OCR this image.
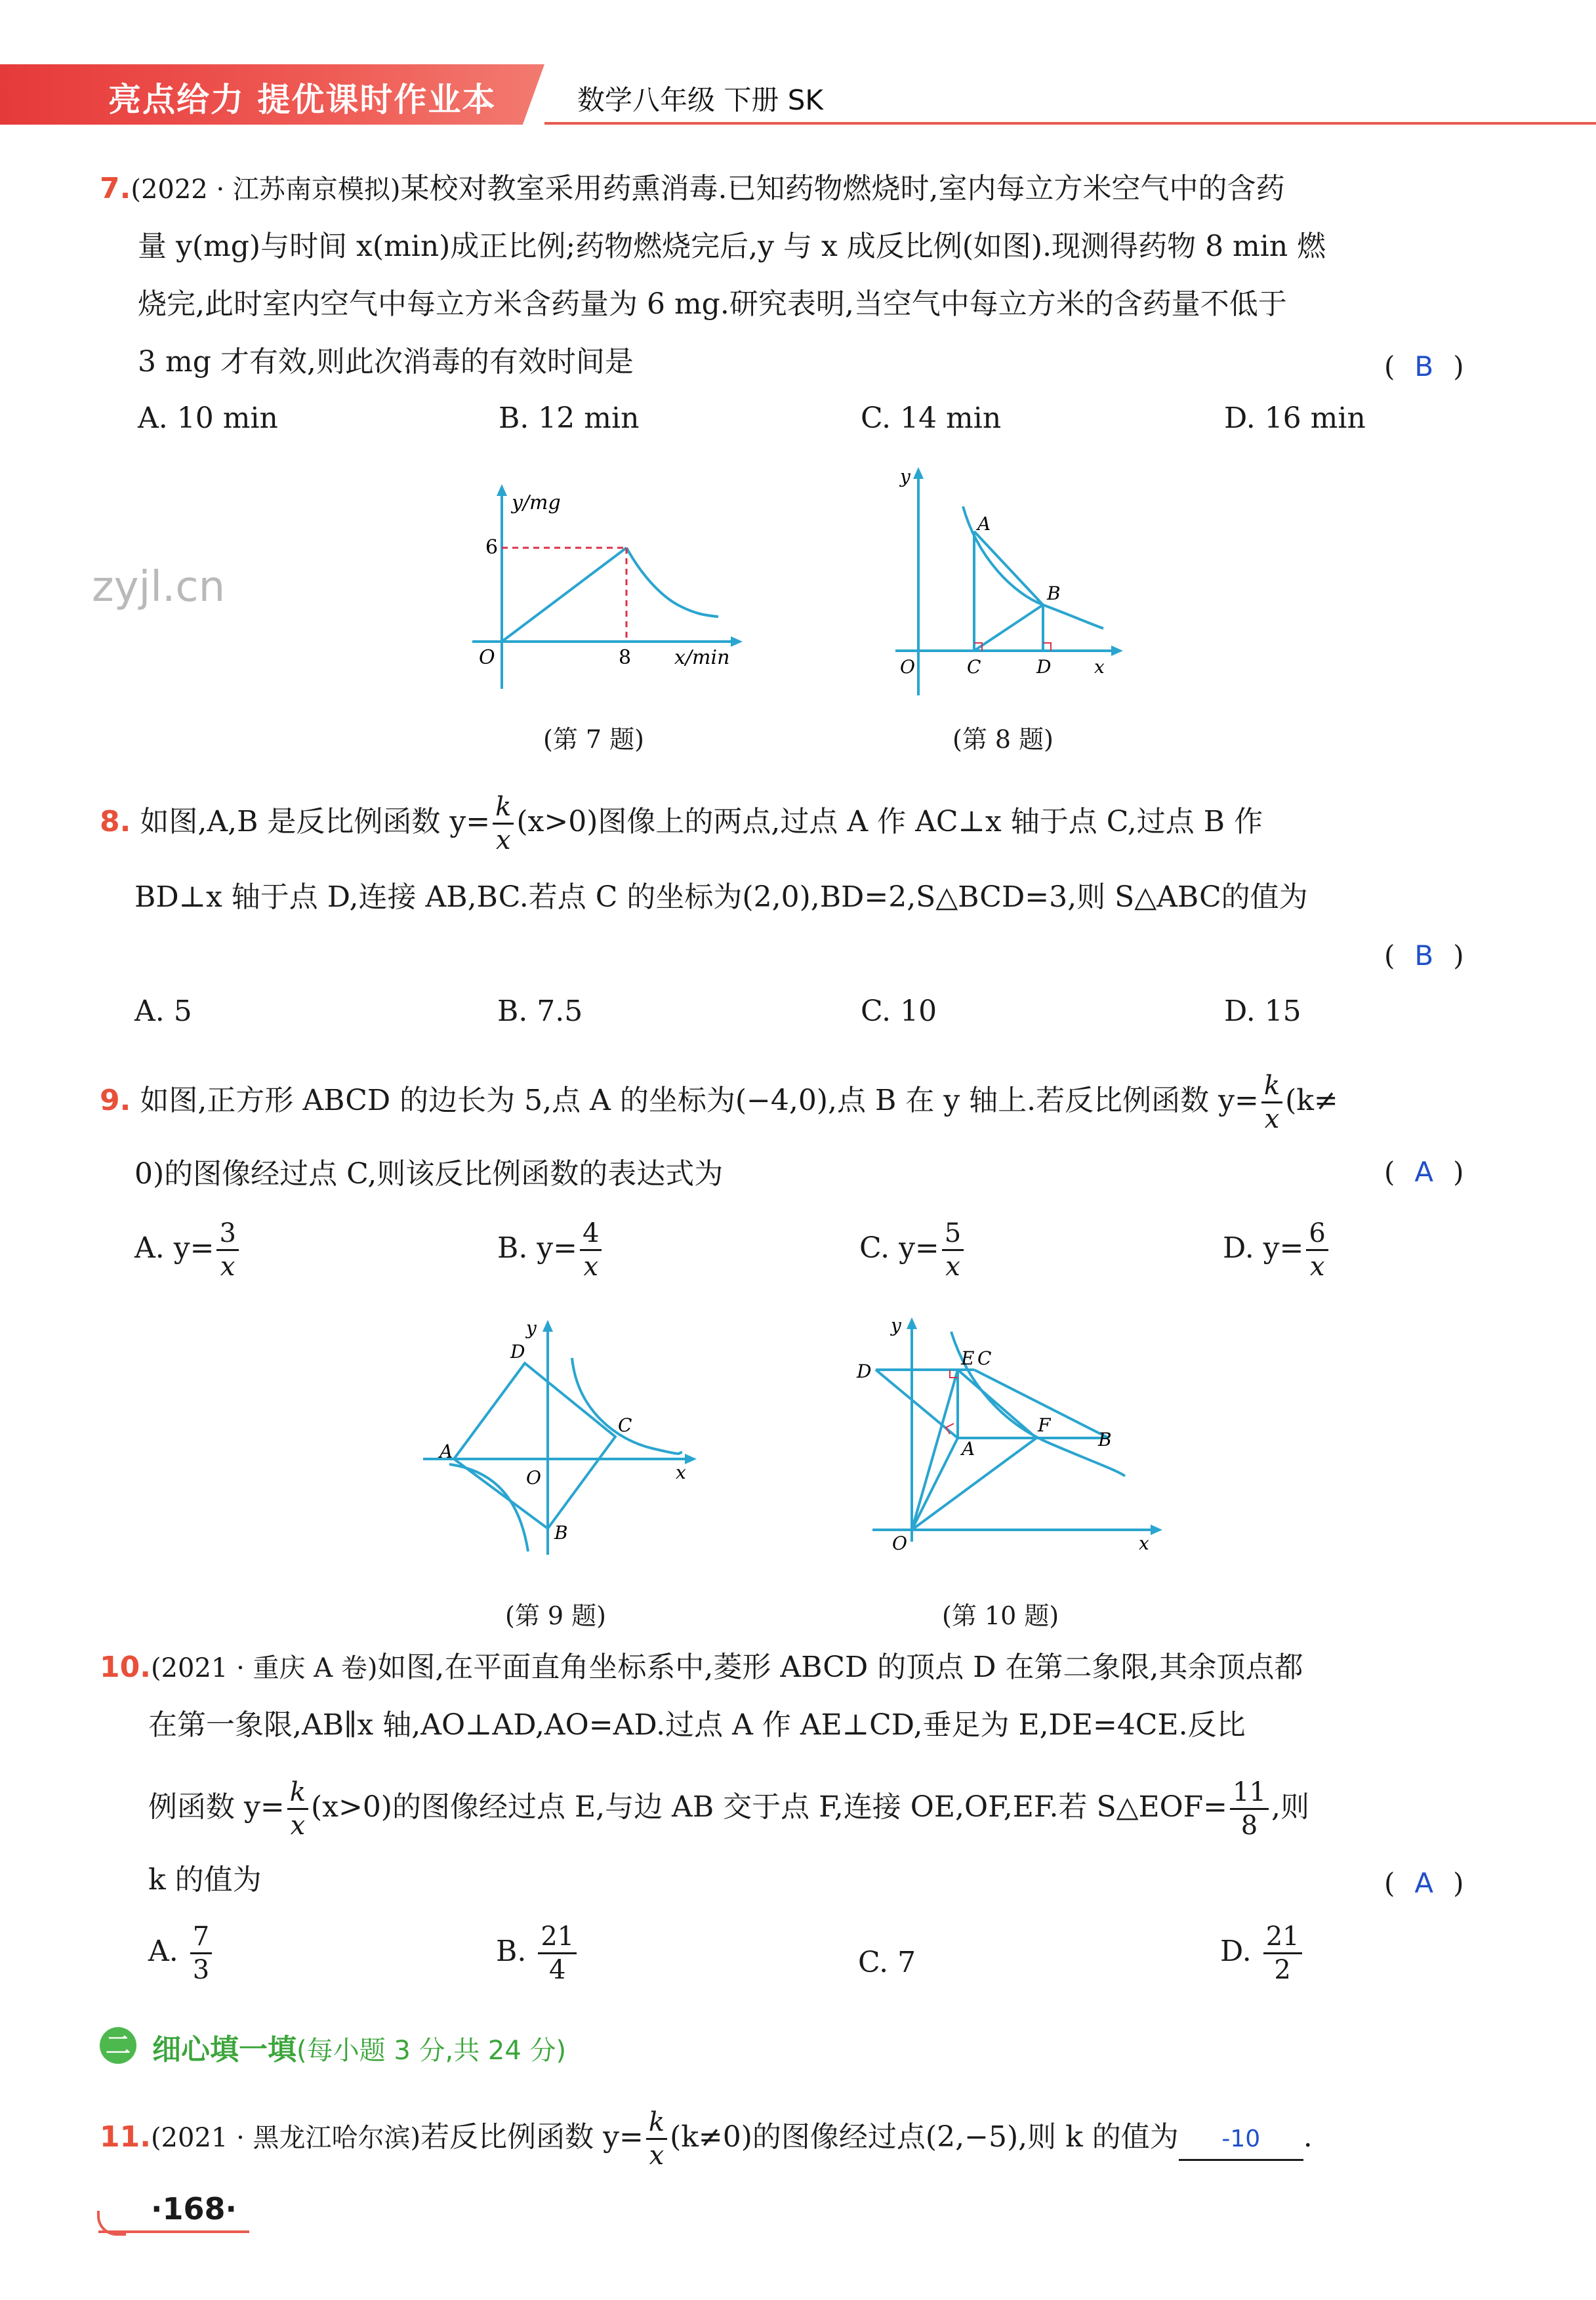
亮点给力 提优课时作业本	数学八年级 下册 SK
zyjl.cn
7.(2022 · 江苏南京模拟)某校对教室采用药熏消毒.已知药物燃烧时,室内每立方米空气中的含药
量 y(mg)与时间 x(min)成正比例;药物燃烧完后,y 与 x 成反比例(如图).现测得药物 8 min 燃
烧完,此时室内空气中每立方米含药量为 6 mg.研究表明,当空气中每立方米的含药量不低于
3 mg 才有效,则此次消毒的有效时间是	( B )
A. 10 min	B. 12 min	C. 14 min	D. 16 min
y/mg
6
O	8 x/min
(第 7 题)
y
A
B
O	C	D x
(第 8 题)
8. 如图,A,B 是反比例函数 $y= \frac{k}{x} (x>0)$图像上的两点,过点 A 作 AC⊥x 轴于点 C,过点 B 作
BD⊥x 轴于点 D,连接 AB,BC.若点 C 的坐标为(2,0),BD=2,S△BCD=3,则 S△ABC的值为
( B )
A. 5	B. 7.5	C. 10	D. 15
9. 如图,正方形 ABCD 的边长为 5,点 A 的坐标为(−4,0),点 B 在 y 轴上.若反比例函数 $y= \frac{k}{x} (k\ne$
0)的图像经过点 C,则该反比例函数的表达式为	( A )
A. $y= \frac{3}{x}$	B. $y= \frac{4}{x}$	C. $y= \frac{5}{x}$	D. $y= \frac{6}{x}$
y
D
C
A
O	x
B
(第 9 题)
y
D
E C
F
A	B
O	x
(第 10 题)
10.(2021 · 重庆 A 卷)如图,在平面直角坐标系中,菱形 ABCD 的顶点 D 在第二象限,其余顶点都
在第一象限,AB∥x 轴,AO⊥AD,AO=AD.过点 A 作 AE⊥CD,垂足为 E,DE=4CE.反比
例函数 $y= \frac{k}{x} (x>0)$的图像经过点 E,与边 AB 交于点 F,连接 OE,OF,EF.若 S△EOF= $\frac{11}{8}$ ,则
k 的值为	( A )
A. $\frac{7}{3}$	B. $\frac{21}{4}$	C. 7	D. $\frac{21}{2}$
二 细心填一填(每小题 3 分,共 24 分)
11.(2021 · 黑龙江哈尔滨)若反比例函数 $y= \frac{k}{x} (k\ne 0)$的图像经过点(2,−5),则 k 的值为 -10 .
·168·
